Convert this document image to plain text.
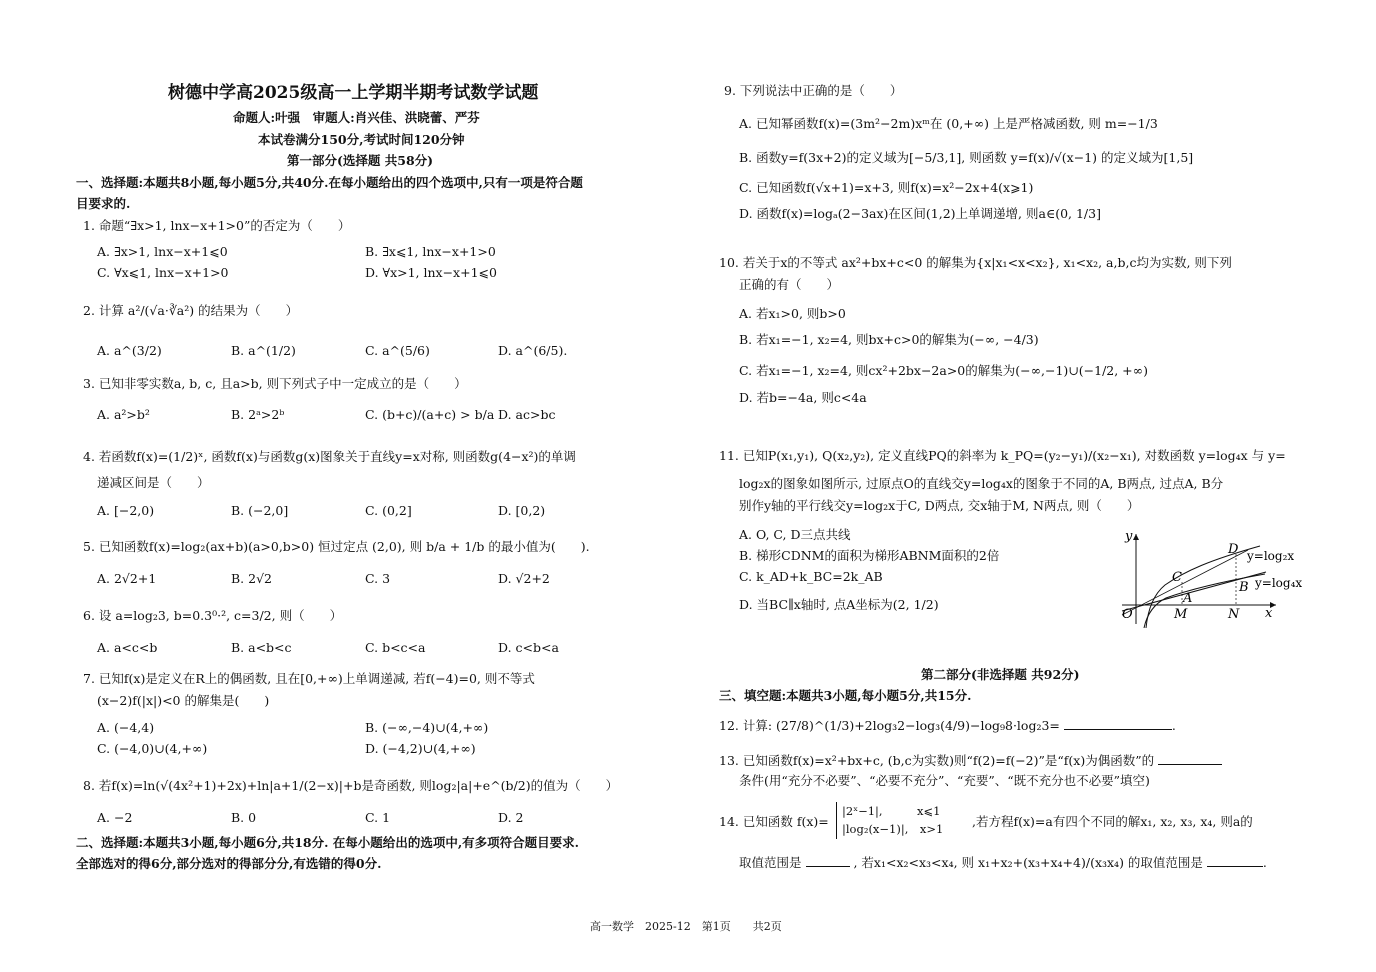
树德中学高2025级高一上学期半期考试数学试题
命题人:叶强　审题人:肖兴佳、洪晓蕾、严芬
本试卷满分150分,考试时间120分钟
第一部分(选择题 共58分)
一、选择题:本题共8小题,每小题5分,共40分.在每小题给出的四个选项中,只有一项是符合题
目要求的.
1. 命题“∃x>1, lnx−x+1>0”的否定为（　　）
A. ∃x>1, lnx−x+1⩽0	B. ∃x⩽1, lnx−x+1>0
C. ∀x⩽1, lnx−x+1>0	D. ∀x>1, lnx−x+1⩽0
2. 计算 a²/(√a·∛a²) 的结果为（　　）
A. a^(3/2)	B. a^(1/2)	C. a^(5/6)	D. a^(6/5).
3. 已知非零实数a, b, c, 且a>b, 则下列式子中一定成立的是（　　）
A. a²>b²	B. 2ᵃ>2ᵇ	C. (b+c)/(a+c) > b/a D. ac>bc
4. 若函数f(x)=(1/2)ˣ, 函数f(x)与函数g(x)图象关于直线y=x对称, 则函数g(4−x²)的单调
递减区间是（　　）
A. [−2,0)	B. (−2,0]	C. (0,2]	D. [0,2)
5. 已知函数f(x)=log₂(ax+b)(a>0,b>0) 恒过定点 (2,0), 则 b/a + 1/b 的最小值为(　　).
A. 2√2+1	B. 2√2	C. 3	D. √2+2
6. 设 a=log₂3, b=0.3⁰·², c=3/2, 则（　　）
A. a<c<b	B. a<b<c	C. b<c<a	D. c<b<a
7. 已知f(x)是定义在R上的偶函数, 且在[0,+∞)上单调递减, 若f(−4)=0, 则不等式
(x−2)f(|x|)<0 的解集是(　　)
A. (−4,4)	B. (−∞,−4)∪(4,+∞)
C. (−4,0)∪(4,+∞)	D. (−4,2)∪(4,+∞)
8. 若f(x)=ln(√(4x²+1)+2x)+ln|a+1/(2−x)|+b是奇函数, 则log₂|a|+e^(b/2)的值为（　　）
A. −2	B. 0	C. 1	D. 2
二、选择题:本题共3小题,每小题6分,共18分. 在每小题给出的选项中,有多项符合题目要求.
全部选对的得6分,部分选对的得部分分,有选错的得0分.
9. 下列说法中正确的是（　　）
A. 已知幂函数f(x)=(3m²−2m)xᵐ在 (0,+∞) 上是严格减函数, 则 m=−1/3
B. 函数y=f(3x+2)的定义域为[−5/3,1], 则函数 y=f(x)/√(x−1) 的定义域为[1,5]
C. 已知函数f(√x+1)=x+3, 则f(x)=x²−2x+4(x⩾1)
D. 函数f(x)=logₐ(2−3ax)在区间(1,2)上单调递增, 则a∈(0, 1/3]
10. 若关于x的不等式 ax²+bx+c<0 的解集为{x|x₁<x<x₂}, x₁<x₂, a,b,c均为实数, 则下列
正确的有（　　）
A. 若x₁>0, 则b>0
B. 若x₁=−1, x₂=4, 则bx+c>0的解集为(−∞, −4/3)
C. 若x₁=−1, x₂=4, 则cx²+2bx−2a>0的解集为(−∞,−1)∪(−1/2, +∞)
D. 若b=−4a, 则c<4a
11. 已知P(x₁,y₁), Q(x₂,y₂), 定义直线PQ的斜率为 k_PQ=(y₂−y₁)/(x₂−x₁), 对数函数 y=log₄x 与 y=
log₂x的图象如图所示, 过原点O的直线交y=log₄x的图象于不同的A, B两点, 过点A, B分
别作y轴的平行线交y=log₂x于C, D两点, 交x轴于M, N两点, 则（　　）
A. O, C, D三点共线
B. 梯形CDNM的面积为梯形ABNM面积的2倍
C. k_AD+k_BC=2k_AB
D. 当BC∥x轴时, 点A坐标为(2, 1/2)
y
x
O
D
C
A
B
M	N
y=log₂x
y=log₄x
第二部分(非选择题 共92分)
三、填空题:本题共3小题,每小题5分,共15分.
12. 计算: (27/8)^(1/3)+2log₃2−log₃(4/9)−log₉8·log₂3=	.
13. 已知函数f(x)=x²+bx+c, (b,c为实数)则“f(2)=f(−2)”是“f(x)为偶函数”的
条件(用“充分不必要”、“必要不充分”、“充要”、“既不充分也不必要”填空)
14. 已知函数 f(x)=
|2ˣ−1|,　　　x⩽1
|log₂(x−1)|,　x>1
,若方程f(x)=a有四个不同的解x₁, x₂, x₃, x₄, 则a的
取值范围是	, 若x₁<x₂<x₃<x₄, 则 x₁+x₂+(x₃+x₄+4)/(x₃x₄) 的取值范围是	.
高一数学　2025-12　第1页　　共2页
